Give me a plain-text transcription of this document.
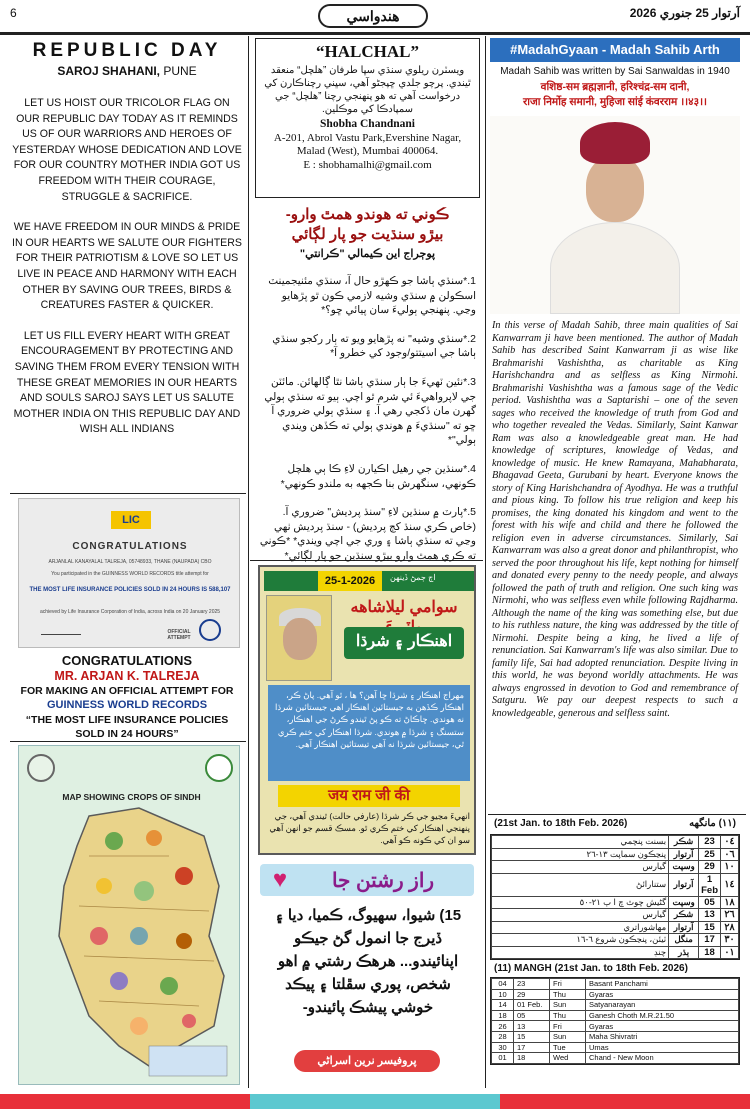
6	هندواسي	آرتوار 25 جنوري 2026
REPUBLIC DAY
SAROJ SHAHANI, PUNE

LET US HOIST OUR TRICOLOR FLAG ON OUR REPUBLIC DAY TODAY AS IT REMINDS US OF OUR WARRIORS AND HEROES OF YESTERDAY WHOSE DEDICATION AND LOVE FOR OUR COUNTRY MOTHER INDIA GOT US FREEDOM WITH THEIR COURAGE, STRUGGLE & SACRIFICE.

WE HAVE FREEDOM IN OUR MINDS & PRIDE IN OUR HEARTS WE SALUTE OUR FIGHTERS FOR THEIR PATRIOTISM & LOVE SO LET US LIVE IN PEACE AND HARMONY WITH EACH OTHER BY SAVING OUR TREES, BIRDS & CREATURES FASTER & QUICKER.

LET US FILL EVERY HEART WITH GREAT ENCOURAGEMENT BY PROTECTING AND SAVING THEM FROM EVERY TENSION WITH THESE GREAT MEMORIES IN OUR HEARTS AND SOULS SAROJ SAYS LET US SALUTE MOTHER INDIA ON THIS REPUBLIC DAY AND WISH ALL INDIANS

LIC
CONGRATULATIONS
ARJANLAL KANAYALAL TALREJA, 05748933, THANE (NAUPADA) CBO
You participated in the GUINNESS WORLD RECORDS title attempt for
THE MOST LIFE INSURANCE POLICIES SOLD IN 24 HOURS IS 588,107
achieved by Life Insurance Corporation of India, across India on 20 January 2025
OFFICIAL ATTEMPT
CONGRATULATIONS
MR. ARJAN K. TALREJA
FOR MAKING AN OFFICIAL ATTEMPT FOR
GUINNESS WORLD RECORDS
“THE MOST LIFE INSURANCE POLICIES SOLD IN 24 HOURS”
MAP SHOWING CROPS OF SINDH
“HALCHAL”
ويسٽرن ريلوي سنڌي سڀا طرفان ”هلچل“ منعقد ٿيندي. پرچو جلدي ڇپجڻو آهي، سڀني رچناڪارن کي درخواست آهي ته هو پنهنجي رچنا ”هلچل“ جي سمپادڪا کي موڪلين.
Shobha Chandnani
A-201, Abrol Vastu Park,Evershine Nagar,
Malad (West), Mumbai 400064.
E : shobhamalhi@gmail.com
ڪوني ته هوندو همٿ وارو-
بيڙو سنڌيت جو پار لڳائي
پوڄراج اين ڪيمالي "ڪرانتي"

1.*سنڌي ٻاشا جو ڪهڙو حال آ، سنڌي مئنيجمينٽ اسڪولن ۾ سنڌي وشيه لازمي ڪون ٿو پڙهايو وڃي. پنهنجي ٻوليءَ سان پيائي ڇو؟*

2.*سنڌي وشيه" نه پڙهايو ويو ته ٻار رکجو سنڌي ٻاشا جي اسيتتو/وجود کي خطرو آ*

3.*نئين ٽهيءَ جا ٻار سنڌي ٻاشا نٿا ڳالهائن. مائٽن جي لاپرواهيءَ ئي شرم ٿو اچي. ٻيو ته سنڌي ٻولي گهرن مان ڏکجي رهي آ. ۽ سنڌي ٻولي ضروري آ ڇو ته "سنڌيءَ ۾ هوندي ٻولي ته ڪڏهن ويندي ٻولي"*

4.*سنڌين جي رهيل اڪيارن لاءِ ڪا ٻي هلچل ڪونهي، سنگهرش بنا ڪجهه به ملندو ڪونهي*

5.*پارٽ ۾ سنڌين لاءِ "سنڌ پرديش" ضروري آ. (خاص ڪري سنڌ کڄ پرديش) - سنڌ پرديش ٺهي وڃي ته سنڌي ٻاشا ۽ وري جي اچي ويندي* *ڪوني ته ڪري همٿ وارو بيڙو سنڌين جو پار لڳائي*

25-1-2026	اڄ ڄمڻ ڏينهن
سوامي ليلاشاهه
اهنڪار ۽ شرڌا
مهراج اهنڪار ۽ شرڌا ڇا آهن؟ ها ، ٿو آهي. پاڻ ڪر، اهنڪار ڪڏهن به جيستائين اهنڪار اهي جيستائين شرڌا نه هوندي. ڇاڪاڻ ته ڪو پڻ ٿيندو ڪرڻ جي اهنڪار، ستسنگ ۽ شرڌا ۾ هوندي. شرڌا اهنڪار کي ختم ڪري ٿي، جيستائين شرڌا نه آهي تيستائين اهنڪار آهي.
जय राम जी की
انهيءَ مڃيو جي ڪر شرڌا (عارفي حالت) ٿيندي آهي، جي پنهنجي اهنڪار کي ختم ڪري ٿو. مسڪ قسم جو انهن آهي سو ان کي ڪونه ڪو آهي.
♥	راز رشتن جا
15) شيوا، سهيوگ، ڪميا، ديا ۽ ڏيرج جا انمول گڻ جيڪو اپنائيندو... هرهڪ رشتي ۾ اهو شخص، پوري سڦلتا ۽ پيڪد خوشي پيشڪ پائيندو-
پروفيسر نرين اسراڻي
#MadahGyaan - Madah Sahib Arth
Madah Sahib was written by Sai Sanwaldas in 1940
वशिष्ठ-सम ब्रह्मज्ञानी, हरिश्चंद्र-सम दानी,
राजा निर्मोह समानी, मुहिजा सांई कंवरराम ।।४३।।
In this verse of Madah Sahib, three main qualities of Sai Kanwarram ji have been mentioned. The author of Madah Sahib has described Saint Kanwarram ji as wise like Brahmarishi Vashishtha, as charitable as King Harishchandra and as selfless as King Nirmohi. Brahmarishi Vashishtha was a famous sage of the Vedic period. Vashishtha was a Saptarishi – one of the seven sages who received the knowledge of truth from God and who together revealed the Vedas. Similarly, Saint Kanwar Ram was also a knowledgeable great man. He had knowledge of scriptures, knowledge of Vedas, and knowledge of music. He knew Ramayana, Mahabharata, Bhagavad Geeta, Gurubani by heart. Everyone knows the story of King Harishchandra of Ayodhya. He was a truthful and pious king. To follow his true religion and keep his promises, the king donated his kingdom and went to the forest with his wife and child and there he followed the religion even in adverse circumstances. Similarly, Sai Kanwarram was also a great donor and philanthropist, who served the poor throughout his life, kept nothing for himself and donated every penny to the needy people, and always followed the path of truth and religion. One such king was Nirmohi, who was selfless even while following Rajdharma. Although the name of the king was something else, but due to his ruthless nature, the king was addressed by the title of Nirmohi. Despite being a king, he lived a life of renunciation. Sai Kanwarram's life was also similar. Due to family life, Sai had adopted renunciation. Despite living in this world, he was beyond worldly attachments. He was always engrossed in devotion to God and remembrance of Satguru. We pay our deepest respects to such a knowledgeable, generous and selfless saint.
(21st Jan. to 18th Feb. 2026)	(١١) مانگهه
بسنت پنچمي	شڪر	23	٠٤
پنڃڪون سماپت ١٣-٢٦	آرتوار	25	٠٦
گيارس	وسپت	29	١٠
ستنارائڻ	آرتوار	1 Feb	١٤
گڻيش چوٿ چ ا ٻ ٢١-٥٠	وسپت	05	١٨
گيارس	شڪر	13	٢٦
مهاشوراتري	آرتوار	15	٢٨
ٽيئن، پنڃڪون شروع ٦-١٦	منگل	17	٣٠
چنڊ	ٻڌر	18	٠١
(11) MANGH (21st Jan. to 18th Feb. 2026)
04	23	Fri	Basant Panchami
10	29	Thu	Gyaras
14	01 Feb.	Sun	Satyanarayan
18	05	Thu	Ganesh Choth M.R.21.50
26	13	Fri	Gyaras
28	15	Sun	Maha Shivratri
30	17	Tue	Umas
01	18	Wed	Chand - New Moon
